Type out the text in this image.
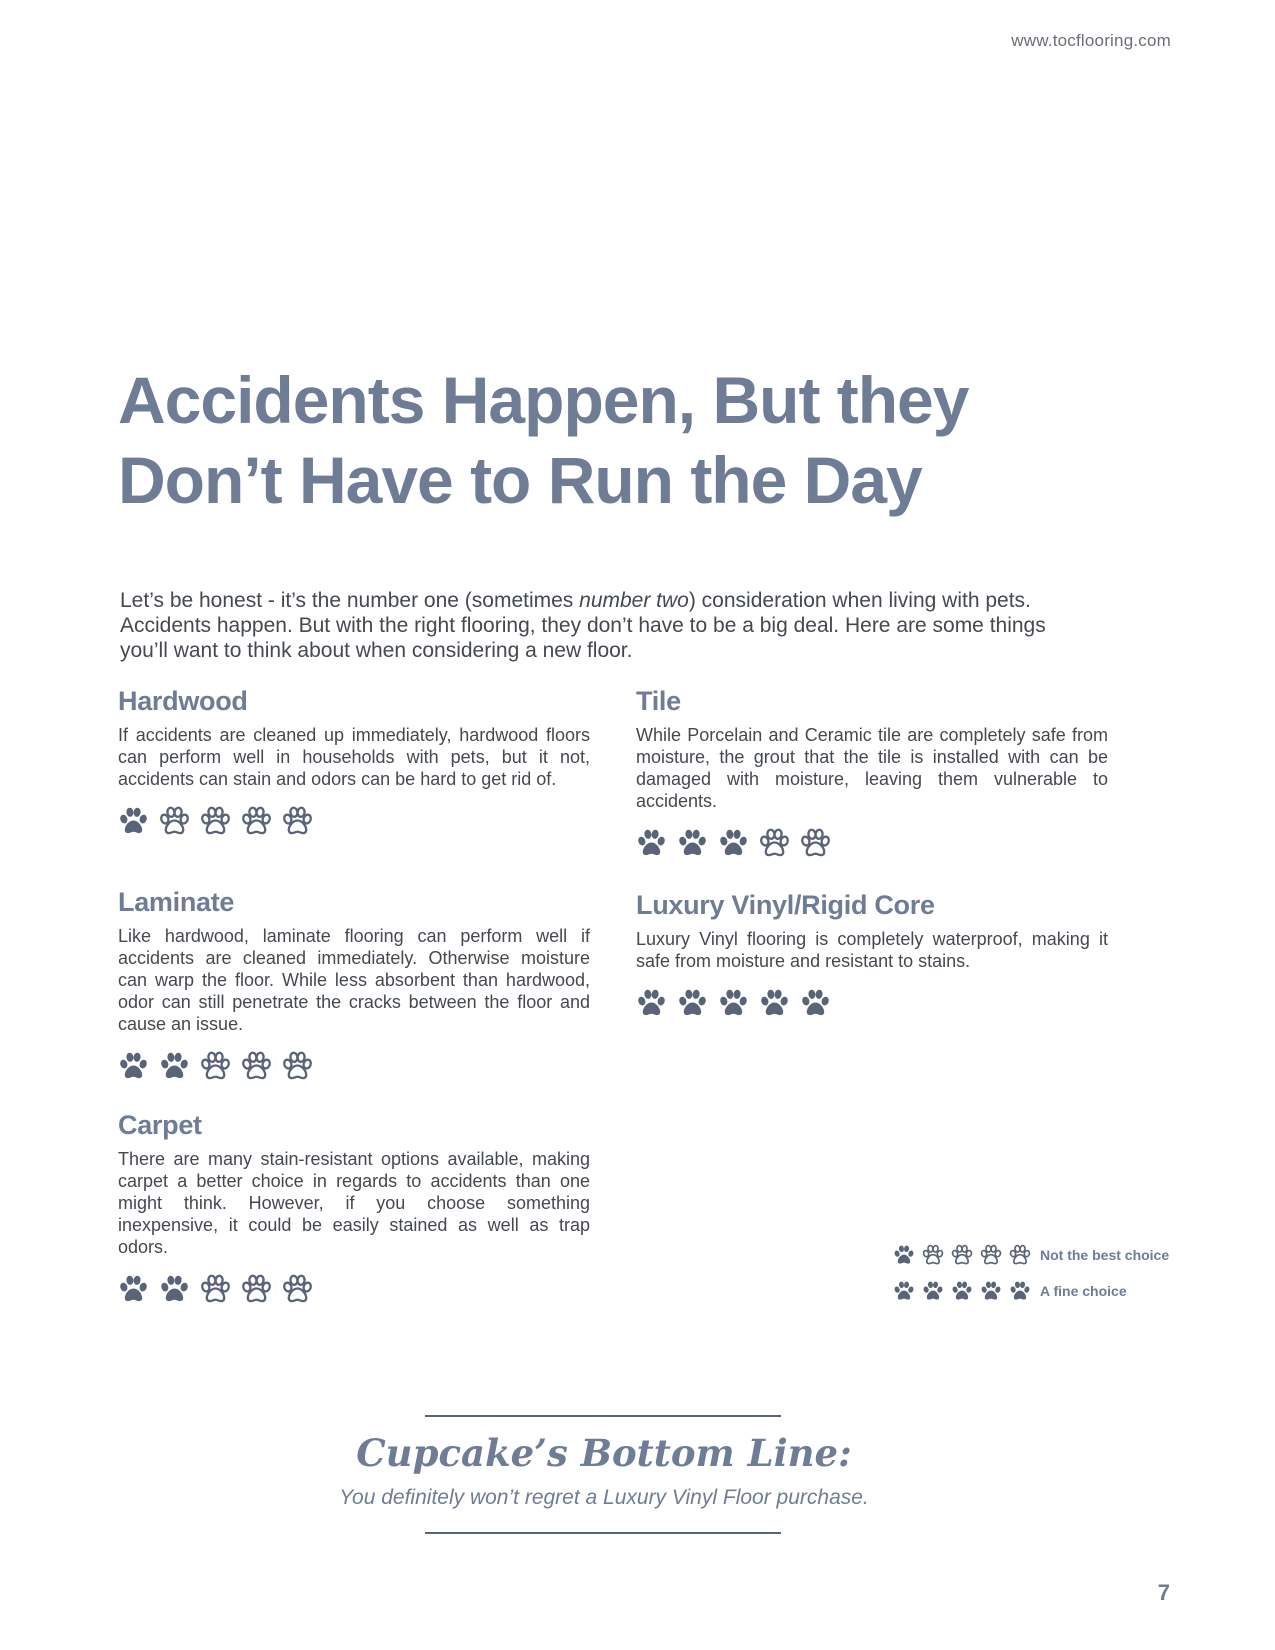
www.tocflooring.com
Accidents Happen, But they
Don’t Have to Run the Day

Let’s be honest - it’s the number one (sometimes number two) consideration when living with pets. Accidents happen. But with the right flooring, they don’t have to be a big deal. Here are some things you’ll want to think about when considering a new floor.

Hardwood

If accidents are cleaned up immediately, hardwood floors can perform well in households with pets, but it not, accidents can stain and odors can be hard to get rid of.

Tile

While Porcelain and Ceramic tile are completely safe from moisture, the grout that the tile is installed with can be damaged with moisture, leaving them vulnerable to accidents.

Laminate

Like hardwood, laminate flooring can perform well if accidents are cleaned immediately. Otherwise moisture can warp the floor. While less absorbent than hardwood, odor can still penetrate the cracks between the floor and cause an issue.

Luxury Vinyl/Rigid Core

Luxury Vinyl flooring is completely waterproof, making it safe from moisture and resistant to stains.

Carpet

There are many stain-resistant options available, making carpet a better choice in regards to accidents than one might think. However, if you choose something inexpensive, it could be easily stained as well as trap odors.	Not the best choice
A fine choice
Cupcake’s Bottom Line:

You definitely won’t regret a Luxury Vinyl Floor purchase.

7
